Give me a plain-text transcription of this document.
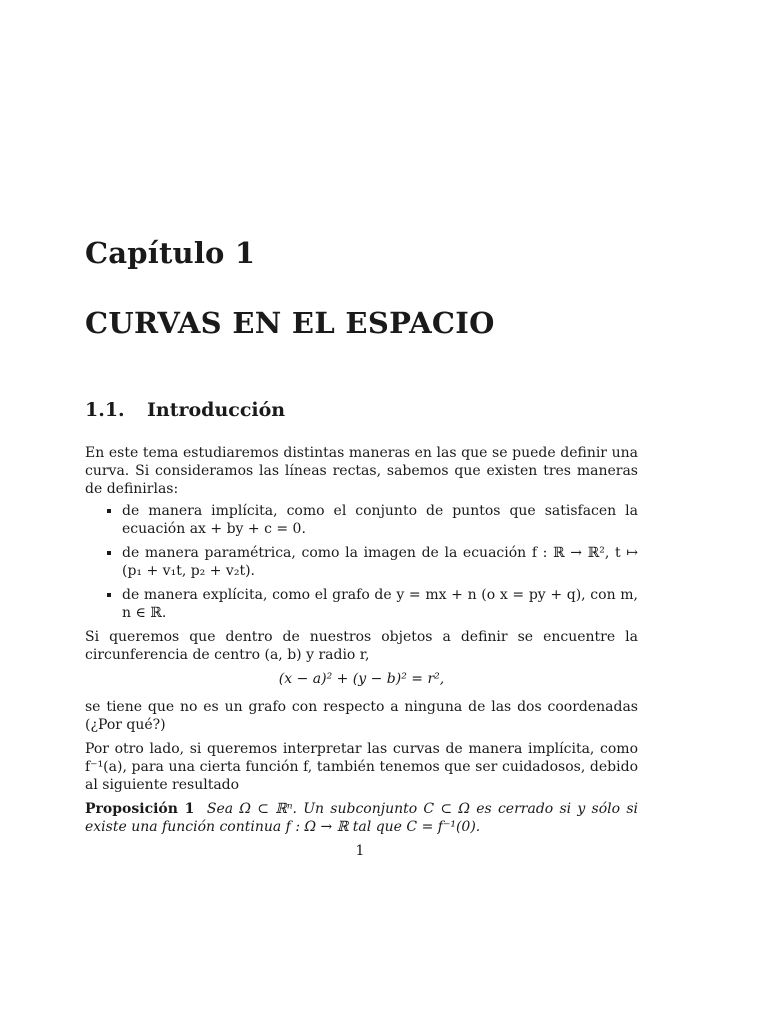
Capítulo 1
CURVAS EN EL ESPACIO
1.1. Introducción

En este tema estudiaremos distintas maneras en las que se puede definir una curva. Si consideramos las líneas rectas, sabemos que existen tres maneras de definirlas:

de manera implícita, como el conjunto de puntos que satisfacen la ecuación ax + by + c = 0.
de manera paramétrica, como la imagen de la ecuación f : ℝ → ℝ², t ↦ (p₁ + v₁t, p₂ + v₂t).
de manera explícita, como el grafo de y = mx + n (o x = py + q), con m, n ∈ ℝ.

Si queremos que dentro de nuestros objetos a definir se encuentre la circunferencia de centro (a, b) y radio r,

(x − a)² + (y − b)² = r²,

se tiene que no es un grafo con respecto a ninguna de las dos coordenadas (¿Por qué?)

Por otro lado, si queremos interpretar las curvas de manera implícita, como f⁻¹(a), para una cierta función f, también tenemos que ser cuidadosos, debido al siguiente resultado

Proposición 1 Sea Ω ⊂ ℝⁿ. Un subconjunto C ⊂ Ω es cerrado si y sólo si existe una función continua f : Ω → ℝ tal que C = f⁻¹(0).

1
